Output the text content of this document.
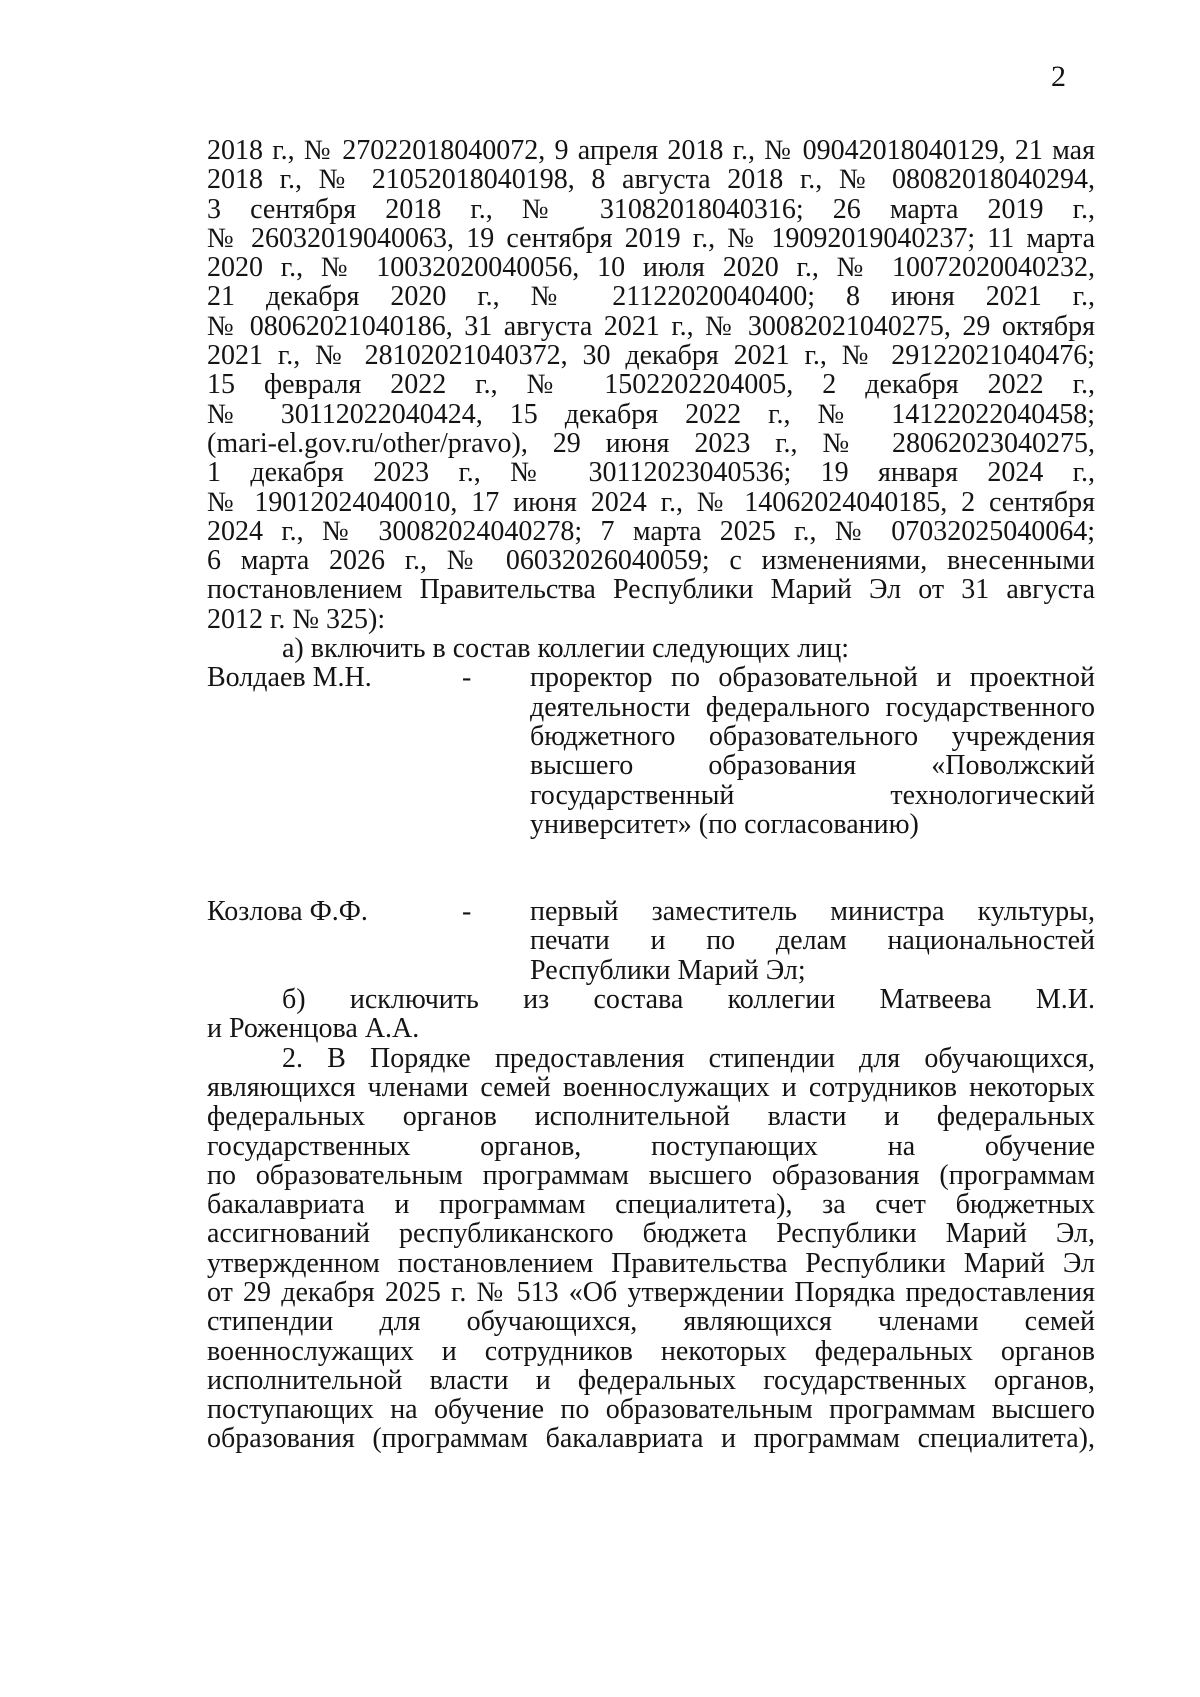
2

2018 г., № 27022018040072, 9 апреля 2018 г., № 09042018040129, 21 мая
2018 г., № 21052018040198, 8 августа 2018 г., № 08082018040294,
3 сентября 2018 г., № 31082018040316; 26 марта 2019 г.,
№ 26032019040063, 19 сентября 2019 г., № 19092019040237; 11 марта
2020 г., № 10032020040056, 10 июля 2020 г., № 10072020040232,
21 декабря 2020 г., № 21122020040400; 8 июня 2021 г.,
№ 08062021040186, 31 августа 2021 г., № 30082021040275, 29 октября
2021 г., № 28102021040372, 30 декабря 2021 г., № 29122021040476;
15 февраля 2022 г., № 1502202204005, 2 декабря 2022 г.,
№ 30112022040424, 15 декабря 2022 г., № 14122022040458;
(mari-el.gov.ru/other/pravo), 29 июня 2023 г., № 28062023040275,
1 декабря 2023 г., № 30112023040536; 19 января 2024 г.,
№ 19012024040010, 17 июня 2024 г., № 14062024040185, 2 сентября
2024 г., № 30082024040278; 7 марта 2025 г., № 07032025040064;
6 марта 2026 г., № 06032026040059; с изменениями, внесенными
постановлением Правительства Республики Марий Эл от 31 августа
2012 г. № 325):

а) включить в состав коллегии следующих лиц:

Волдаев М.Н.	- проректор по образовательной и проектной
деятельности федерального государственного
бюджетного образовательного учреждения
высшего образования «Поволжский
государственный технологический
университет» (по согласованию)
Козлова Ф.Ф.	- первый заместитель министра культуры,
печати и по делам национальностей
Республики Марий Эл;

б) исключить из состава коллегии Матвеева М.И.
и Роженцова А.А.

2. В Порядке предоставления стипендии для обучающихся,
являющихся членами семей военнослужащих и сотрудников некоторых
федеральных органов исполнительной власти и федеральных
государственных органов, поступающих на обучение
по образовательным программам высшего образования (программам
бакалавриата и программам специалитета), за счет бюджетных
ассигнований республиканского бюджета Республики Марий Эл,
утвержденном постановлением Правительства Республики Марий Эл
от 29 декабря 2025 г. № 513 «Об утверждении Порядка предоставления
стипендии для обучающихся, являющихся членами семей
военнослужащих и сотрудников некоторых федеральных органов
исполнительной власти и федеральных государственных органов,
поступающих на обучение по образовательным программам высшего
образования (программам бакалавриата и программам специалитета),
